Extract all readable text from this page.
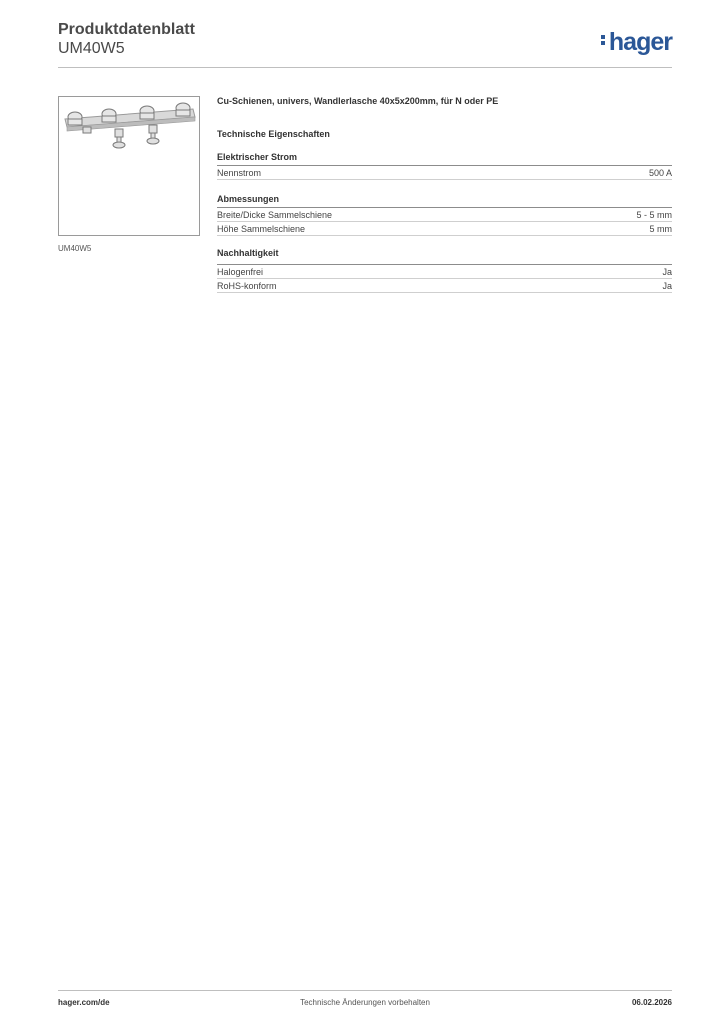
Produktdatenblatt
UM40W5	hager
UM40W5
Cu-Schienen, univers, Wandlerlasche 40x5x200mm, für N oder PE
Technische Eigenschaften
Elektrischer Strom
Nennstrom	500 A
Abmessungen
Breite/Dicke Sammelschiene	5 - 5 mm
Höhe Sammelschiene	5 mm
Nachhaltigkeit
Halogenfrei	Ja
RoHS-konform	Ja
hager.com/de	Technische Änderungen vorbehalten	06.02.2026
